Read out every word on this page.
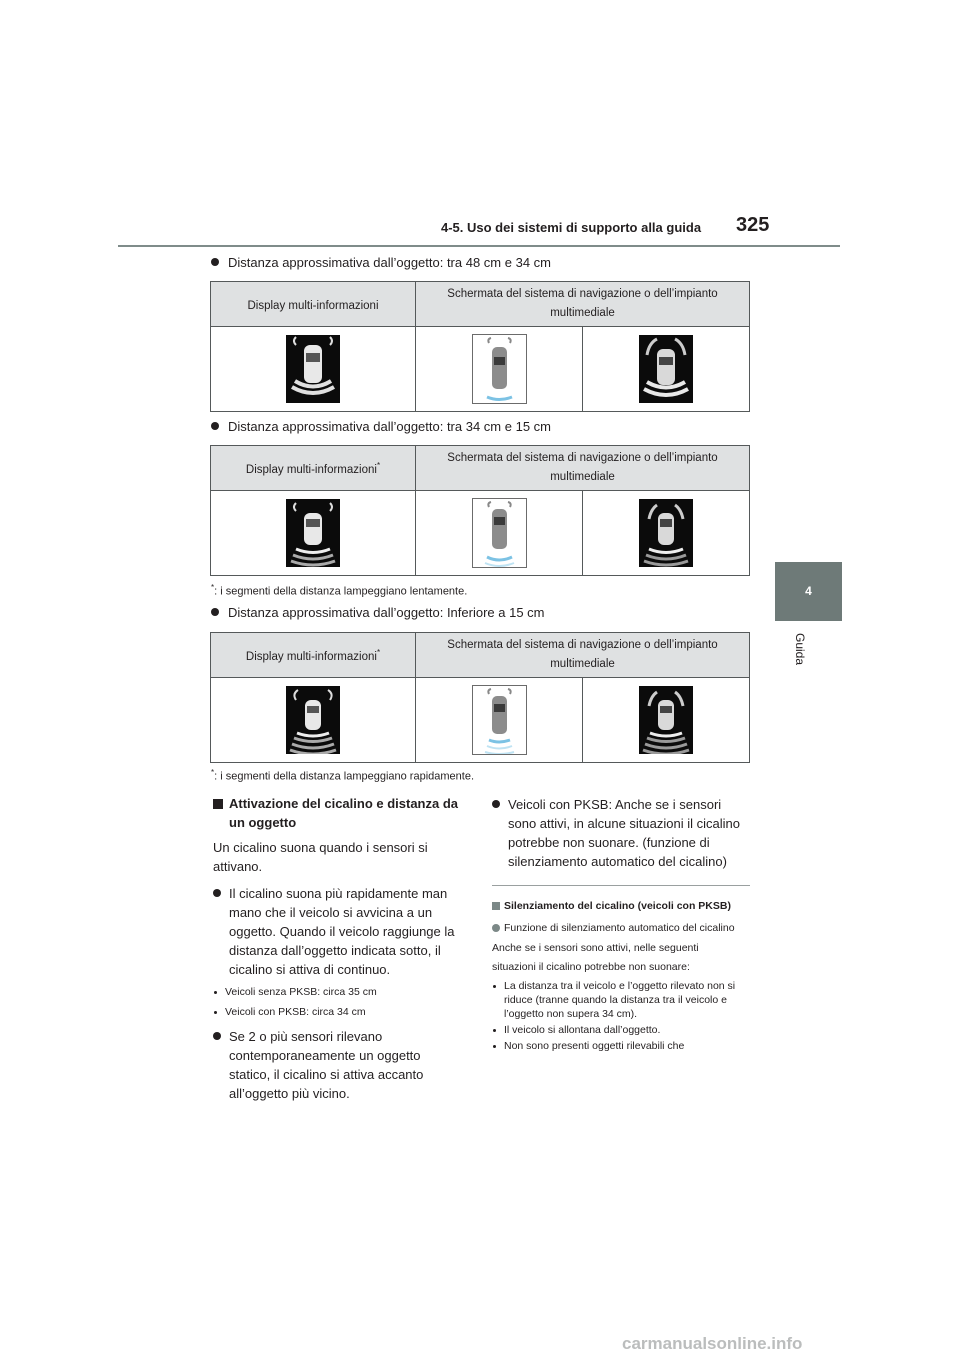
4-5. Uso dei sistemi di supporto alla guida 325
4
Guida
Distanza approssimativa dall’oggetto: tra 48 cm e 34 cm
Display multi-informazioni	Schermata del sistema di navigazione o dell’impianto multimediale	

Distanza approssimativa dall’oggetto: tra 34 cm e 15 cm
Display multi-informazioni*	Schermata del sistema di navigazione o dell’impianto multimediale	

*: i segmenti della distanza lampeggiano lentamente.
Distanza approssimativa dall’oggetto: Inferiore a 15 cm
Display multi-informazioni*	Schermata del sistema di navigazione o dell’impianto multimediale	

*: i segmenti della distanza lampeggiano rapidamente.
Attivazione del cicalino e distanza da un oggetto
Un cicalino suona quando i sensori si attivano.
Il cicalino suona più rapidamente man mano che il veicolo si avvicina a un oggetto. Quando il veicolo raggiunge la distanza dall’oggetto indicata sotto, il cicalino si attiva di continuo.
Veicoli senza PKSB: circa 35 cm
Veicoli con PKSB: circa 34 cm
Se 2 o più sensori rilevano contemporaneamente un oggetto statico, il cicalino si attiva accanto all’oggetto più vicino.
Veicoli con PKSB: Anche se i sensori sono attivi, in alcune situazioni il cicalino potrebbe non suonare. (funzione di silenziamento automatico del cicalino)
Silenziamento del cicalino (veicoli con PKSB)
Funzione di silenziamento automatico del cicalino
Anche se i sensori sono attivi, nelle seguenti
situazioni il cicalino potrebbe non suonare:
La distanza tra il veicolo e l’oggetto rilevato non si riduce (tranne quando la distanza tra il veicolo e l’oggetto non supera 34 cm).
Il veicolo si allontana dall’oggetto.
Non sono presenti oggetti rilevabili che
carmanualsonline.info
